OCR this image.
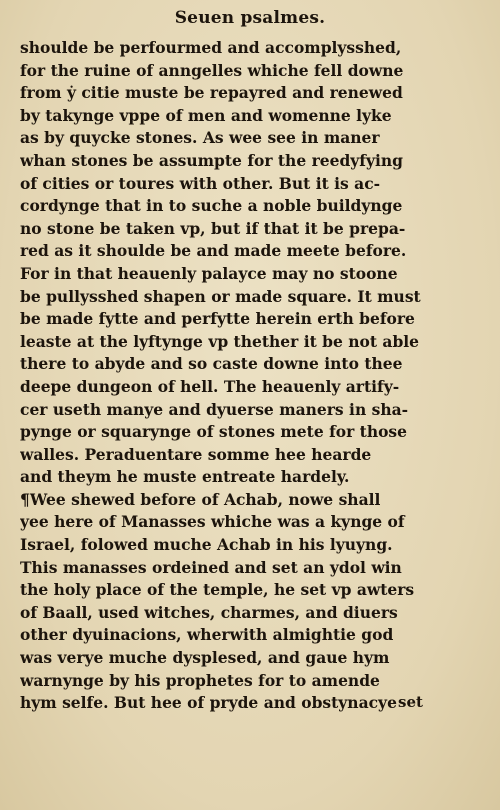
Seuen psalmes.
shoulde be perfourmed and accomplysshed,
for the ruine of anngelles whiche fell downe
from ẏ citie muste be repayred and renewed
by takynge vppe of men and womenne lyke
as by quycke stones. As wee see in maner
whan stones be assumpte for the reedyfying
of cities or toures with other. But it is ac-
cordynge that in to suche a noble buildynge
no stone be taken vp, but if that it be prepa-
red as it shoulde be and made meete before.
For in that heauenly palayce may no stoone
be pullysshed shapen or made square. It must
be made fytte and perfytte herein erth before
leaste at the lyftynge vp thether it be not able
there to abyde and so caste downe into thee
deepe dungeon of hell. The heauenly artify-
cer useth manye and dyuerse maners in sha-
pynge or squarynge of stones mete for those
walles. Peraduentare somme hee hearde
and theym he muste entreate hardely.
¶Wee shewed before of Achab, nowe shall
yee here of Manasses whiche was a kynge of
Israel, folowed muche Achab in his lyuyng.
This manasses ordeined and set an ydol win
the holy place of the temple, he set vp awters
of Baall, used witches, charmes, and diuers
other dyuinacions, wherwith almightie god
was verye muche dysplesed, and gaue hym
warnynge by his prophetes for to amende
hym selfe. But hee of pryde and obstynacye set
